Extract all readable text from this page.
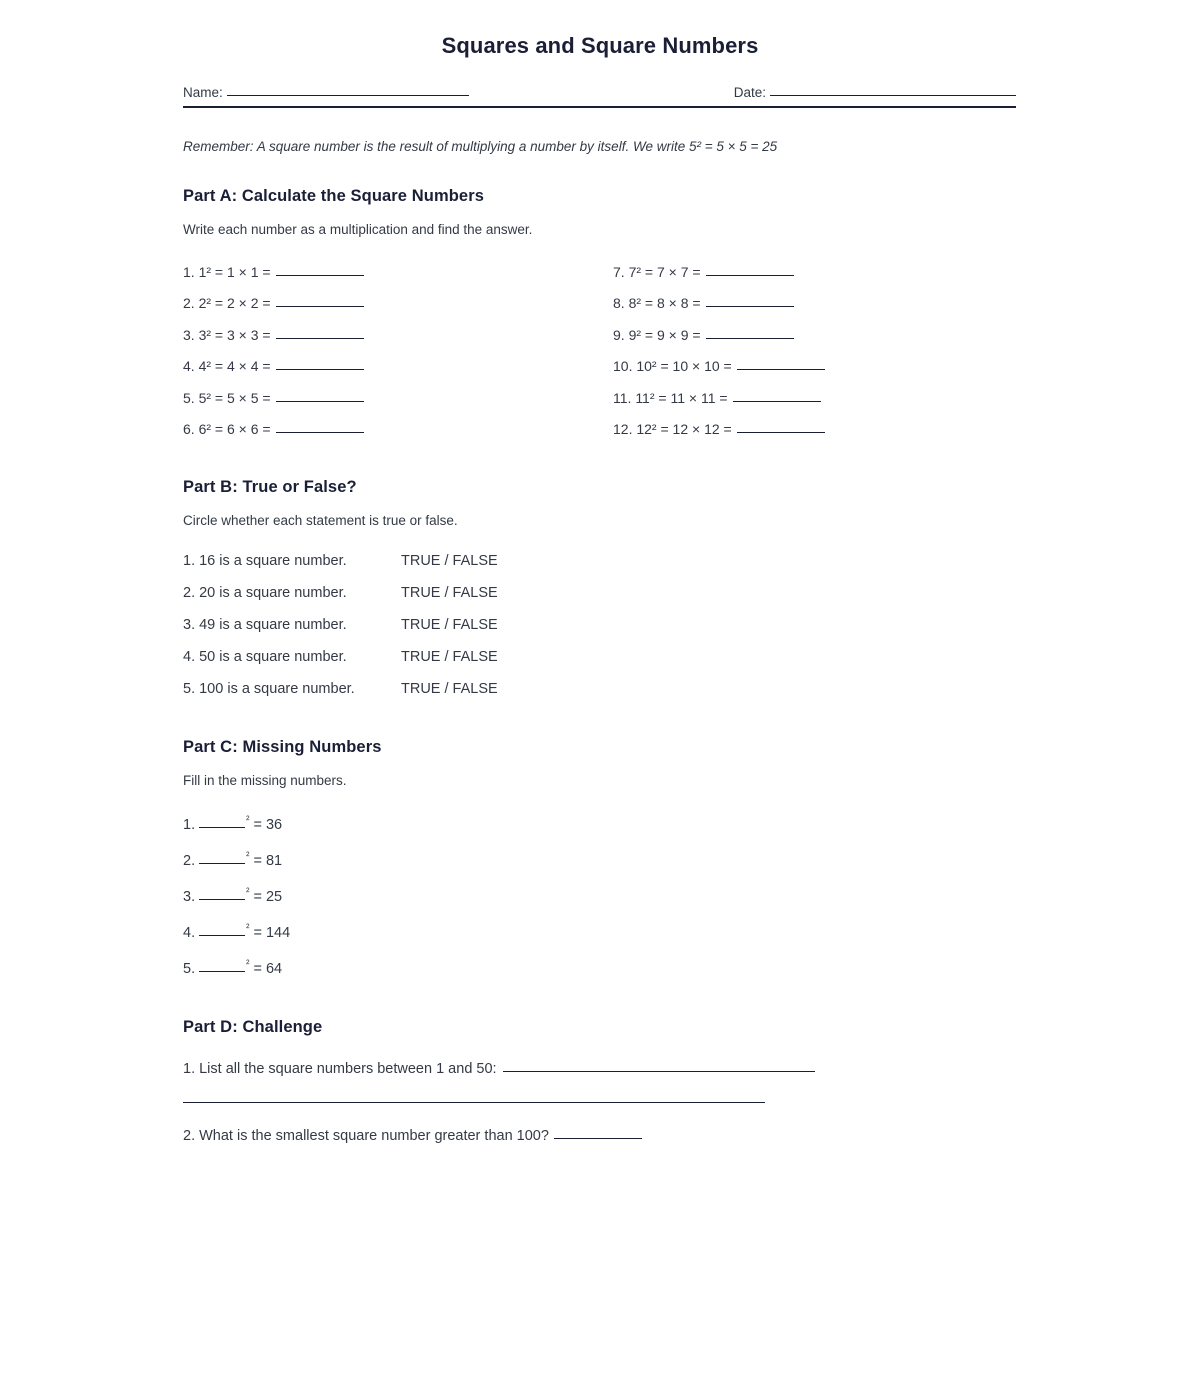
Squares and Square Numbers
Name:	Date:

Remember: A square number is the result of multiplying a number by itself. We write 5² = 5 × 5 = 25

Part A: Calculate the Square Numbers

Write each number as a multiplication and find the answer.

1. 1² = 1 × 1 =	7. 7² = 7 × 7 =
2. 2² = 2 × 2 =	8. 8² = 8 × 8 =
3. 3² = 3 × 3 =	9. 9² = 9 × 9 =
4. 4² = 4 × 4 =	10. 10² = 10 × 10 =
5. 5² = 5 × 5 =	11. 11² = 11 × 11 =
6. 6² = 6 × 6 =	12. 12² = 12 × 12 =
Part B: True or False?

Circle whether each statement is true or false.

1. 16 is a square number.	TRUE / FALSE
2. 20 is a square number.	TRUE / FALSE
3. 49 is a square number.	TRUE / FALSE
4. 50 is a square number.	TRUE / FALSE
5. 100 is a square number.	TRUE / FALSE
Part C: Missing Numbers

Fill in the missing numbers.

1.	$^{^2}$ = 36
2.	$^{^2}$ = 81
3.	$^{^2}$ = 25
4.	$^{^2}$ = 144
5.	$^{^2}$ = 64
Part D: Challenge
1. List all the square numbers between 1 and 50:
2. What is the smallest square number greater than 100?
